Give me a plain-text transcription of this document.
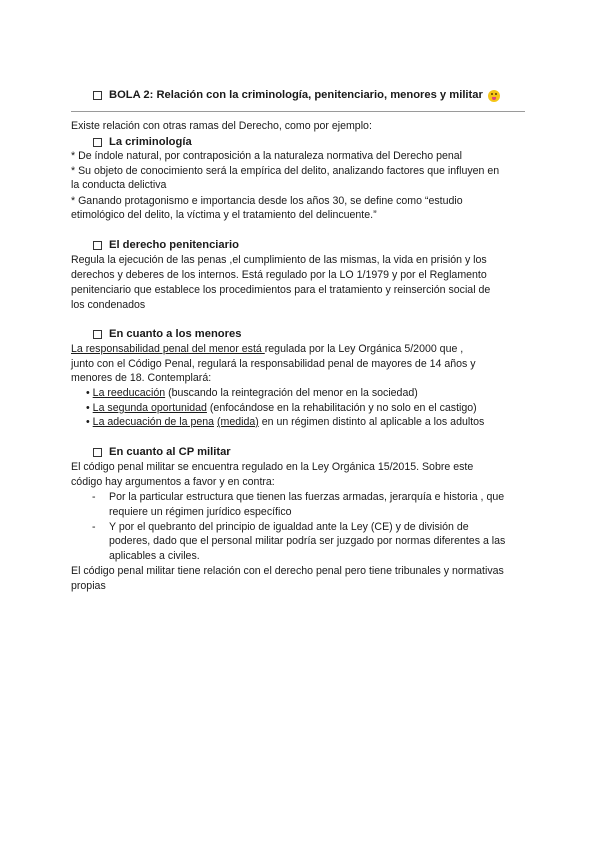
BOLA 2: Relación con la criminología, penitenciario, menores y militar
Existe relación con otras ramas del Derecho, como por ejemplo:
La criminología
* De índole natural, por contraposición a la naturaleza normativa del Derecho penal
* Su objeto de conocimiento será la empírica del delito, analizando factores que influyen en
la conducta delictiva
* Ganando protagonismo e importancia desde los años 30, se define como “estudio
etimológico del delito, la víctima y el tratamiento del delincuente.”
El derecho penitenciario
Regula la ejecución de las penas ,el cumplimiento de las mismas, la vida en prisión y los
derechos y deberes de los internos. Está regulado por la LO 1/1979 y por el Reglamento
penitenciario que establece los procedimientos para el tratamiento y reinserción social de
los condenados
En cuanto a los menores
La responsabilidad penal del menor está regulada por la Ley Orgánica 5/2000 que ,
junto con el Código Penal, regulará la responsabilidad penal de mayores de 14 años y
menores de 18. Contemplará:
• La reeducación (buscando la reintegración del menor en la sociedad)
• La segunda oportunidad (enfocándose en la rehabilitación y no solo en el castigo)
• La adecuación de la pena (medida) en un régimen distinto al aplicable a los adultos
En cuanto al CP militar
El código penal militar se encuentra regulado en la Ley Orgánica 15/2015. Sobre este
código hay argumentos a favor y en contra:
- Por la particular estructura que tienen las fuerzas armadas, jerarquía e historia , que
requiere un régimen jurídico específico
- Y por el quebranto del principio de igualdad ante la Ley (CE) y de división de
poderes, dado que el personal militar podría ser juzgado por normas diferentes a las
aplicables a civiles.
El código penal militar tiene relación con el derecho penal pero tiene tribunales y normativas
propias
